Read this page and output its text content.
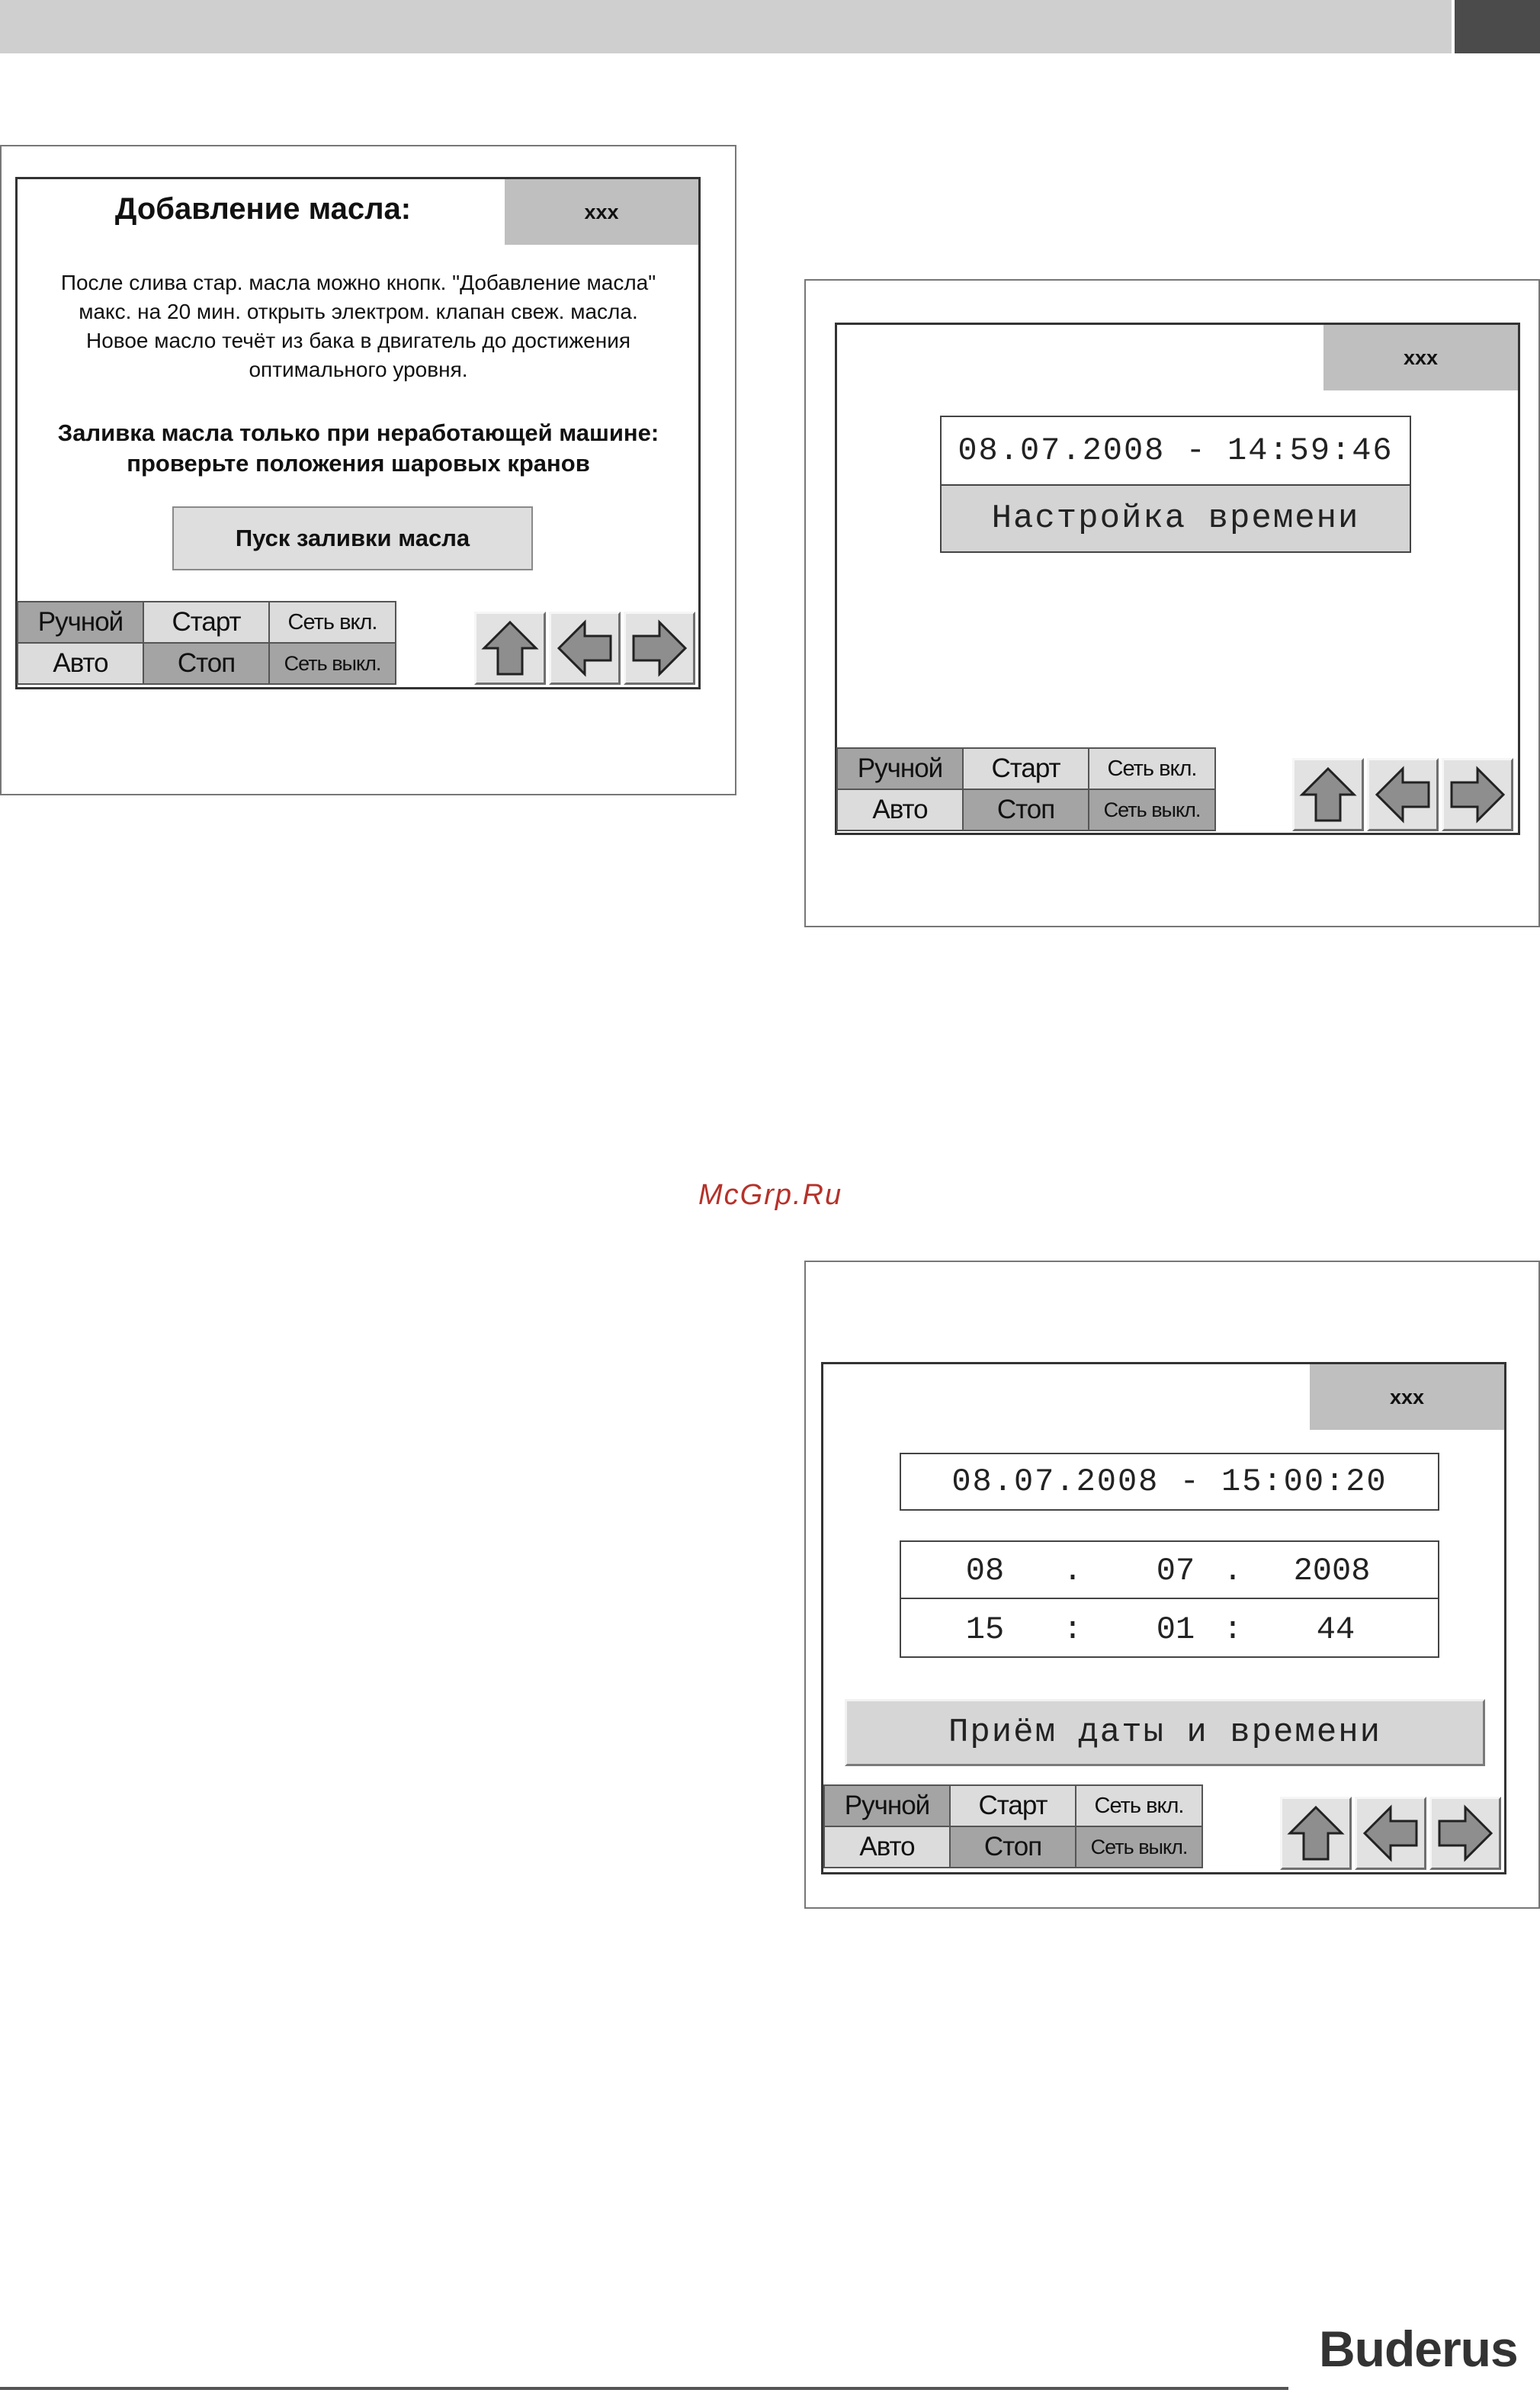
xxx
Добавление масла:
После слива стар. масла можно кнопк. "Добавление масла"
макс. на 20 мин. открыть электром. клапан свеж. масла.
Новое масло течёт из бака в двигатель до достижения
оптимального уровня.
Заливка масла только при неработающей машине:
проверьте положения шаровых кранов
Пуск заливки масла
Ручной	Старт	Сеть вкл.
Авто	Стоп	Сеть выкл.
xxx
08.07.2008 - 14:59:46
Настройка времени
Ручной	Старт	Сеть вкл.
Авто	Стоп	Сеть выкл.
McGrp.Ru
xxx
08.07.2008 - 15:00:20
08	.	07 .	2008
15	:	01 :	44
Приём даты и времени
Ручной	Старт	Сеть вкл.
Авто	Стоп	Сеть выкл.
Buderus
